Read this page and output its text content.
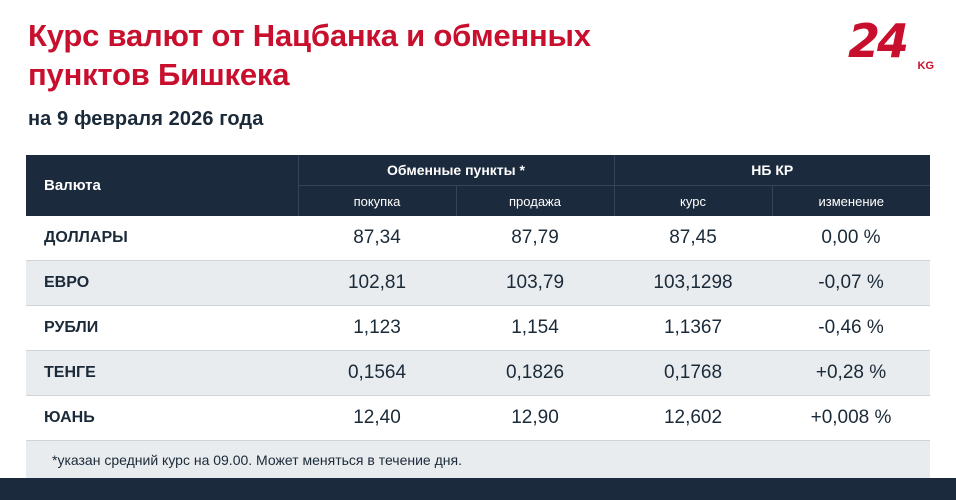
Курс валют от Нацбанка и обменных пунктов Бишкека
на 9 февраля 2026 года
24	KG
Валюта	Обменные пункты *		НБ КР	
	покупка	продажа	курс	изменение
ДОЛЛАРЫ	87,34	87,79	87,45	0,00 %
ЕВРО	102,81	103,79	103,1298	-0,07 %
РУБЛИ	1,123	1,154	1,1367	-0,46 %
ТЕНГЕ	0,1564	0,1826	0,1768	+0,28 %
ЮАНЬ	12,40	12,90	12,602	+0,008 %
*указан средний курс на 09.00. Может меняться в течение дня.				
